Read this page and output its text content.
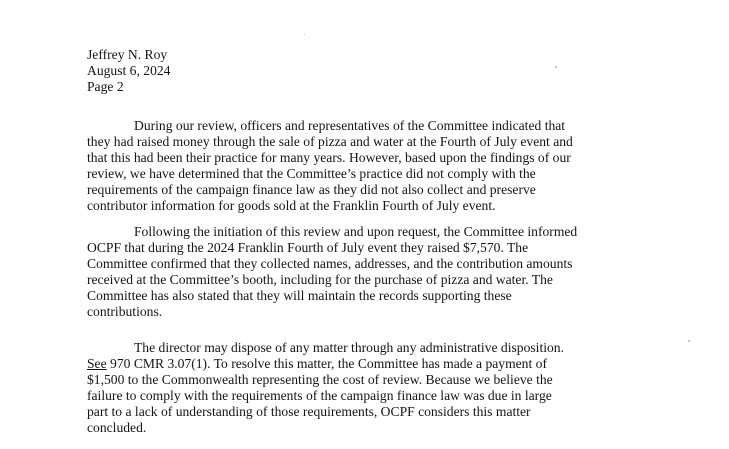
Jeffrey N. Roy
August 6, 2024
Page 2
During our review, officers and representatives of the Committee indicated that
they had raised money through the sale of pizza and water at the Fourth of July event and
that this had been their practice for many years. However, based upon the findings of our
review, we have determined that the Committee’s practice did not comply with the
requirements of the campaign finance law as they did not also collect and preserve
contributor information for goods sold at the Franklin Fourth of July event.
Following the initiation of this review and upon request, the Committee informed
OCPF that during the 2024 Franklin Fourth of July event they raised $7,570. The
Committee confirmed that they collected names, addresses, and the contribution amounts
received at the Committee’s booth, including for the purchase of pizza and water. The
Committee has also stated that they will maintain the records supporting these
contributions.
The director may dispose of any matter through any administrative disposition.
See 970 CMR 3.07(1). To resolve this matter, the Committee has made a payment of
$1,500 to the Commonwealth representing the cost of review. Because we believe the
failure to comply with the requirements of the campaign finance law was due in large
part to a lack of understanding of those requirements, OCPF considers this matter
concluded.
